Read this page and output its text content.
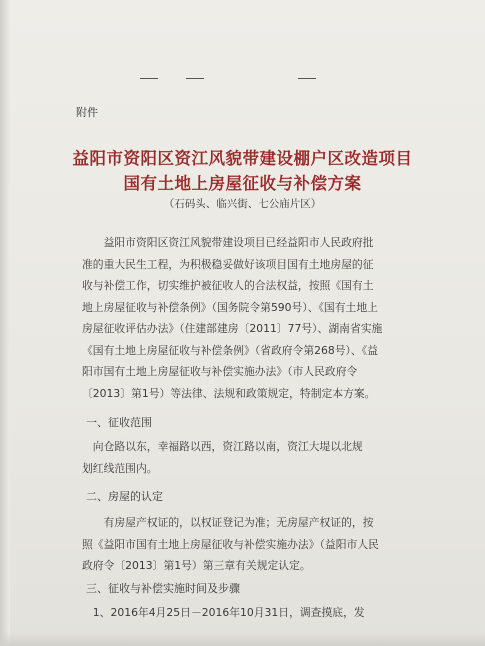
附件
益阳市资阳区资江风貌带建设棚户区改造项目
国有土地上房屋征收与补偿方案
（石码头、临兴街、七公庙片区）
　　益阳市资阳区资江风貌带建设项目已经益阳市人民政府批
准的重大民生工程，为积极稳妥做好该项目国有土地房屋的征
收与补偿工作，切实维护被征收人的合法权益，按照《国有土
地上房屋征收与补偿条例》（国务院令第590号）、《国有土地上
房屋征收评估办法》（住建部建房〔2011〕77号）、湖南省实施
《国有土地上房屋征收与补偿条例》（省政府令第268号）、《益
阳市国有土地上房屋征收与补偿实施办法》（市人民政府令
〔2013〕第1号）等法律、法规和政策规定，特制定本方案。
一、征收范围
　向仓路以东，幸福路以西，资江路以南，资江大堤以北规
划红线范围内。
二、房屋的认定
　　有房屋产权证的，以权证登记为准；无房屋产权证的，按
照《益阳市国有土地上房屋征收与补偿实施办法》（益阳市人民
政府令〔2013〕第1号）第三章有关规定认定。
三、征收与补偿实施时间及步骤
　1、2016年4月25日－2016年10月31日，调查摸底，发
